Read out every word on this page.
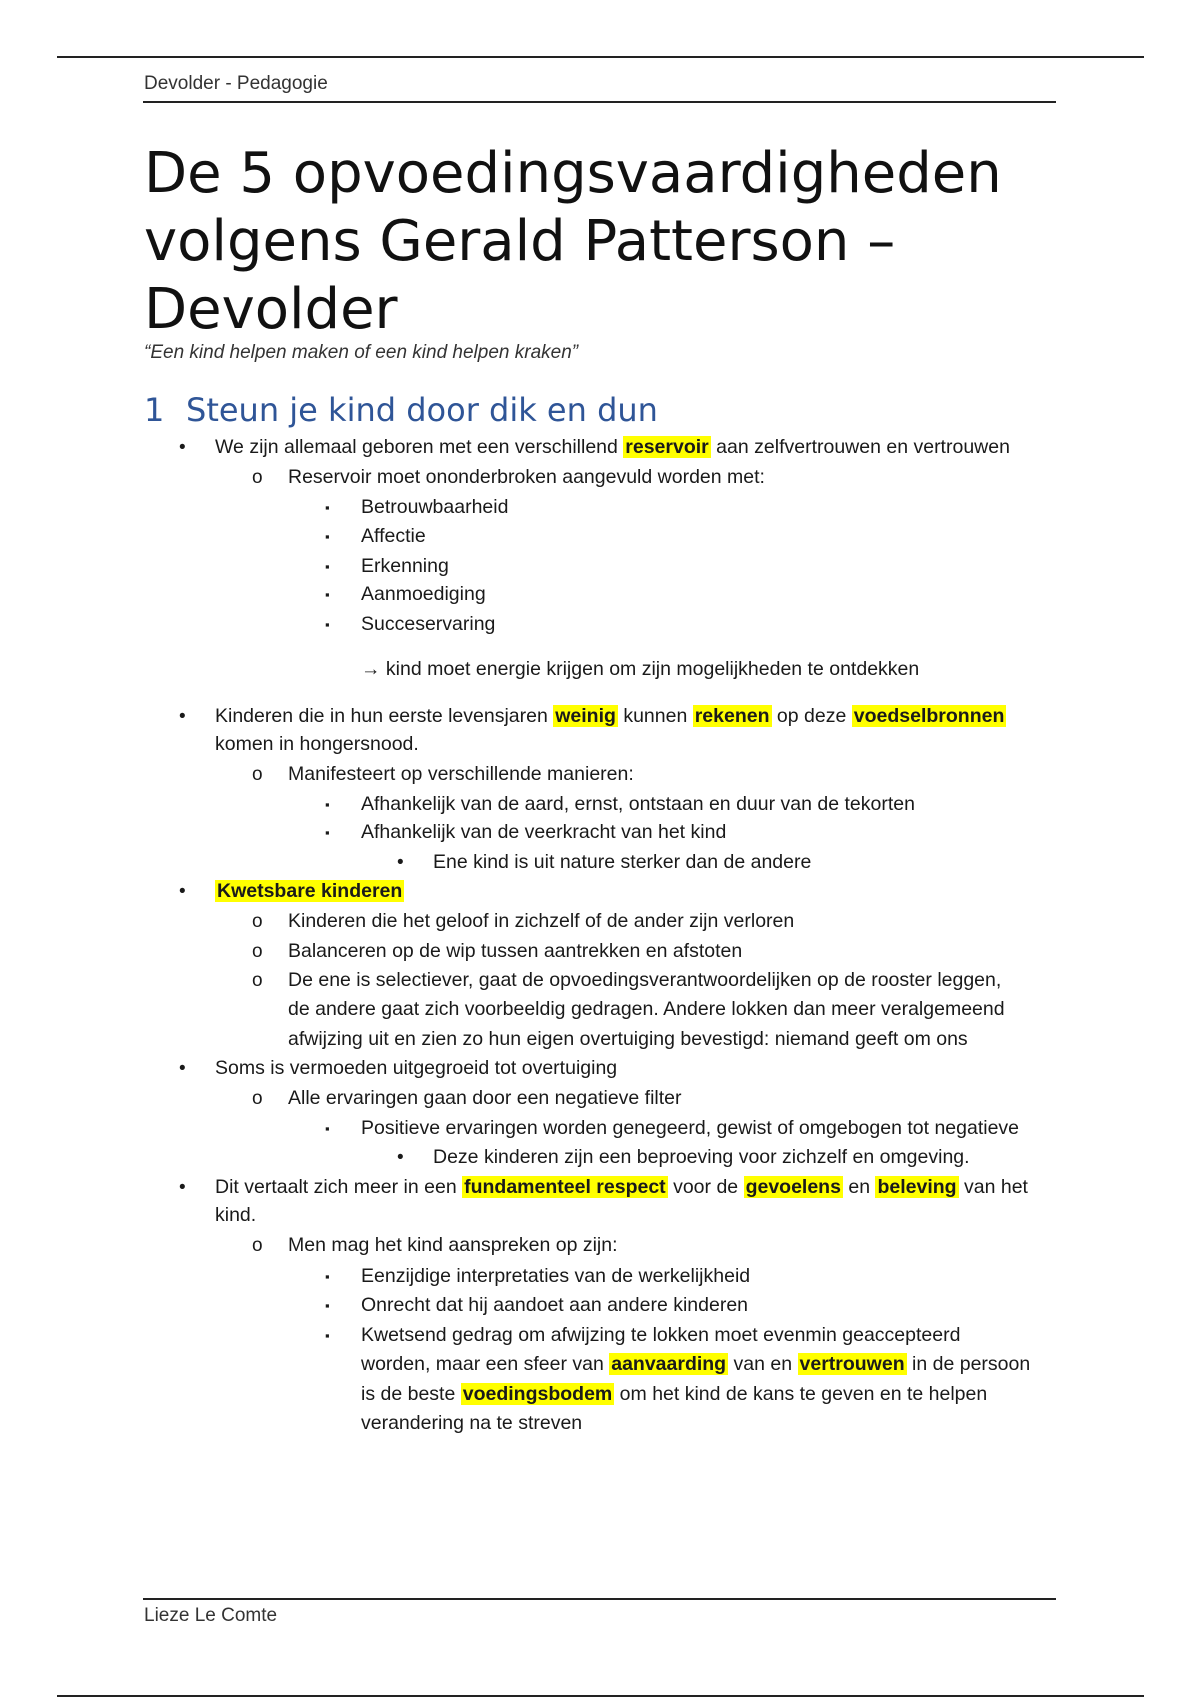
Devolder - Pedagogie
De 5 opvoedingsvaardigheden volgens Gerald Patterson – Devolder

“Een kind helpen maken of een kind helpen kraken”

1 Steun je kind door dik en dun
• We zijn allemaal geboren met een verschillend reservoir aan zelfvertrouwen en vertrouwen
o Reservoir moet ononderbroken aangevuld worden met:
▪ Betrouwbaarheid
▪ Affectie
▪ Erkenning
▪ Aanmoediging
▪ Succeservaring
→ kind moet energie krijgen om zijn mogelijkheden te ontdekken
• Kinderen die in hun eerste levensjaren weinig kunnen rekenen op deze voedselbronnen
komen in hongersnood.
o Manifesteert op verschillende manieren:
▪ Afhankelijk van de aard, ernst, ontstaan en duur van de tekorten
▪ Afhankelijk van de veerkracht van het kind
• Ene kind is uit nature sterker dan de andere
• Kwetsbare kinderen
o Kinderen die het geloof in zichzelf of de ander zijn verloren
o Balanceren op de wip tussen aantrekken en afstoten
o De ene is selectiever, gaat de opvoedingsverantwoordelijken op de rooster leggen,
de andere gaat zich voorbeeldig gedragen. Andere lokken dan meer veralgemeend
afwijzing uit en zien zo hun eigen overtuiging bevestigd: niemand geeft om ons
• Soms is vermoeden uitgegroeid tot overtuiging
o Alle ervaringen gaan door een negatieve filter
▪ Positieve ervaringen worden genegeerd, gewist of omgebogen tot negatieve
• Deze kinderen zijn een beproeving voor zichzelf en omgeving.
• Dit vertaalt zich meer in een fundamenteel respect voor de gevoelens en beleving van het
kind.
o Men mag het kind aanspreken op zijn:
▪ Eenzijdige interpretaties van de werkelijkheid
▪ Onrecht dat hij aandoet aan andere kinderen
▪ Kwetsend gedrag om afwijzing te lokken moet evenmin geaccepteerd
worden, maar een sfeer van aanvaarding van en vertrouwen in de persoon
is de beste voedingsbodem om het kind de kans te geven en te helpen
verandering na te streven
Lieze Le Comte
